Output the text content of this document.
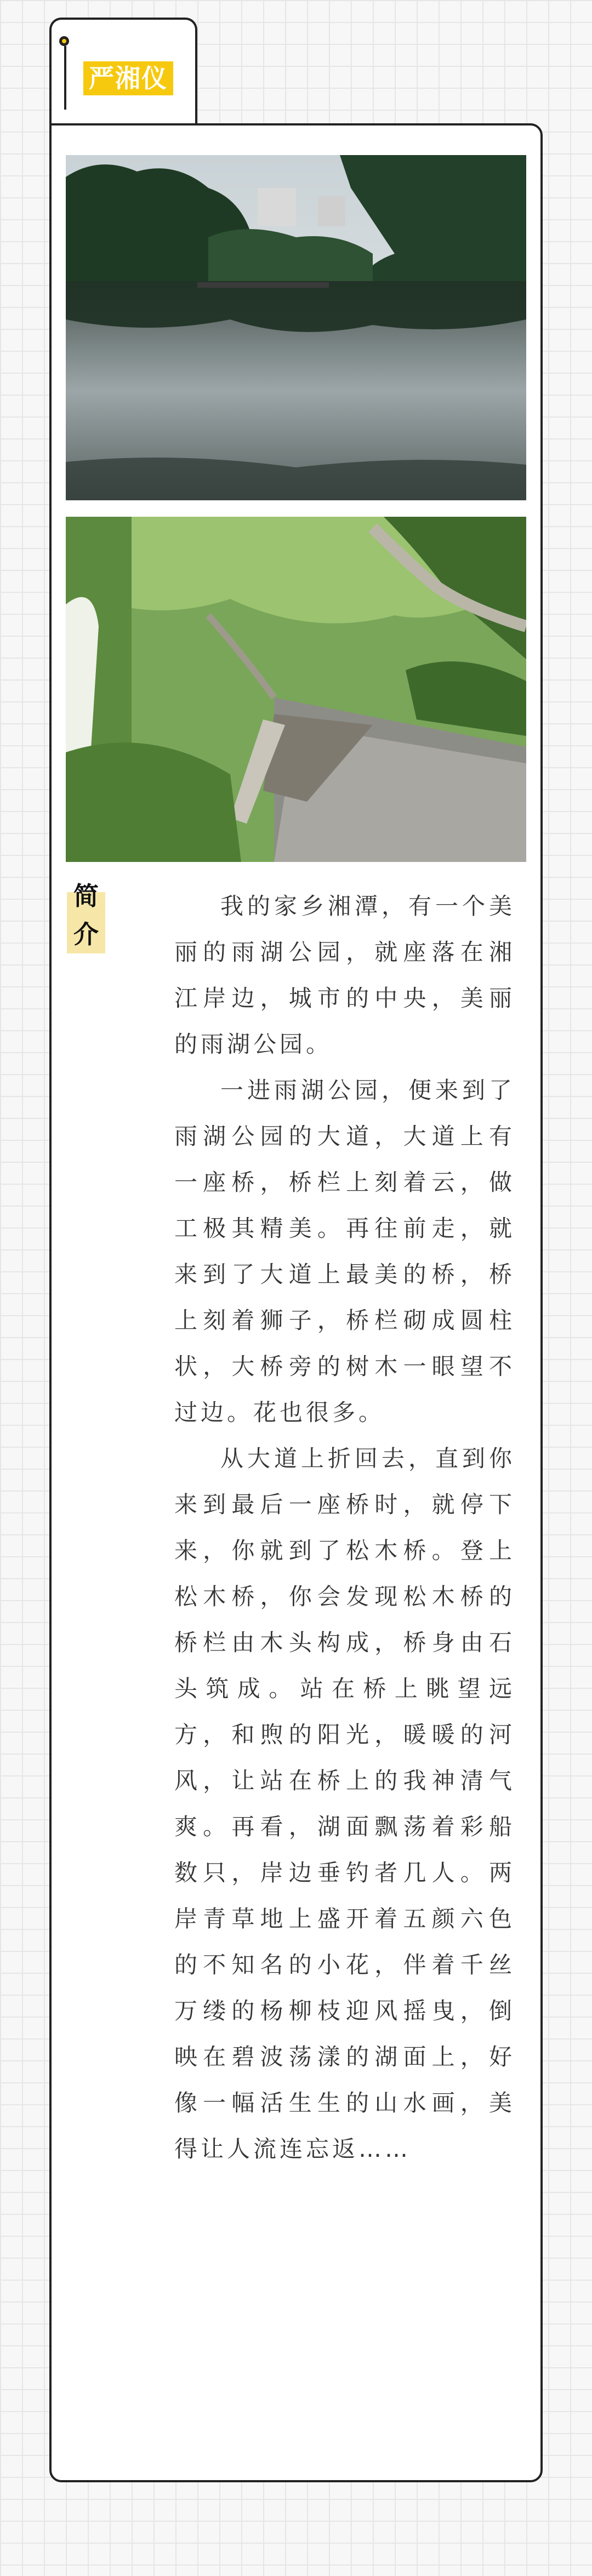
严湘仪
简介

我的家乡湘潭，有一个美丽的雨湖公园，就座落在湘江岸边，城市的中央，美丽的雨湖公园。

一进雨湖公园，便来到了雨湖公园的大道，大道上有一座桥，桥栏上刻着云，做工极其精美。再往前走，就来到了大道上最美的桥，桥上刻着狮子，桥栏砌成圆柱状，大桥旁的树木一眼望不过边。花也很多。

从大道上折回去，直到你来到最后一座桥时，就停下来，你就到了松木桥。登上松木桥，你会发现松木桥的桥栏由木头构成，桥身由石头筑成。站在桥上眺望远方，和煦的阳光，暖暖的河风，让站在桥上的我神清气爽。再看，湖面飘荡着彩船数只，岸边垂钓者几人。两岸青草地上盛开着五颜六色的不知名的小花，伴着千丝万缕的杨柳枝迎风摇曳，倒映在碧波荡漾的湖面上，好像一幅活生生的山水画，美得让人流连忘返……
